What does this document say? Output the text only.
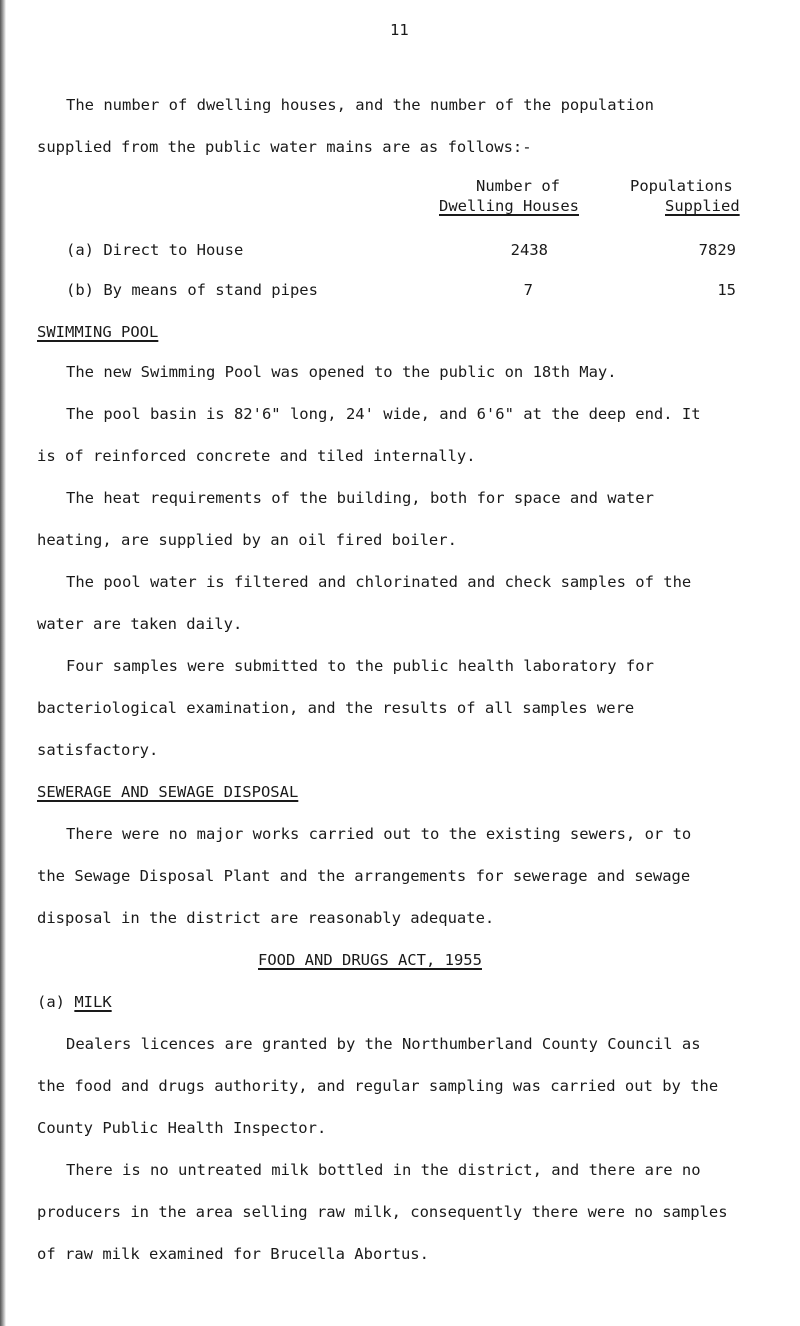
11
The number of dwelling houses, and the number of the population
supplied from the public water mains are as follows:-
Number of
Dwelling Houses
Populations
Supplied
(a) Direct to House	2438	7829
(b) By means of stand pipes	7	15
SWIMMING POOL
The new Swimming Pool was opened to the public on 18th May.
The pool basin is 82'6" long, 24' wide, and 6'6" at the deep end. It
is of reinforced concrete and tiled internally.
The heat requirements of the building, both for space and water
heating, are supplied by an oil fired boiler.
The pool water is filtered and chlorinated and check samples of the
water are taken daily.
Four samples were submitted to the public health laboratory for
bacteriological examination, and the results of all samples were
satisfactory.
SEWERAGE AND SEWAGE DISPOSAL
There were no major works carried out to the existing sewers, or to
the Sewage Disposal Plant and the arrangements for sewerage and sewage
disposal in the district are reasonably adequate.
FOOD AND DRUGS ACT, 1955
(a) MILK
Dealers licences are granted by the Northumberland County Council as
the food and drugs authority, and regular sampling was carried out by the
County Public Health Inspector.
There is no untreated milk bottled in the district, and there are no
producers in the area selling raw milk, consequently there were no samples
of raw milk examined for Brucella Abortus.
